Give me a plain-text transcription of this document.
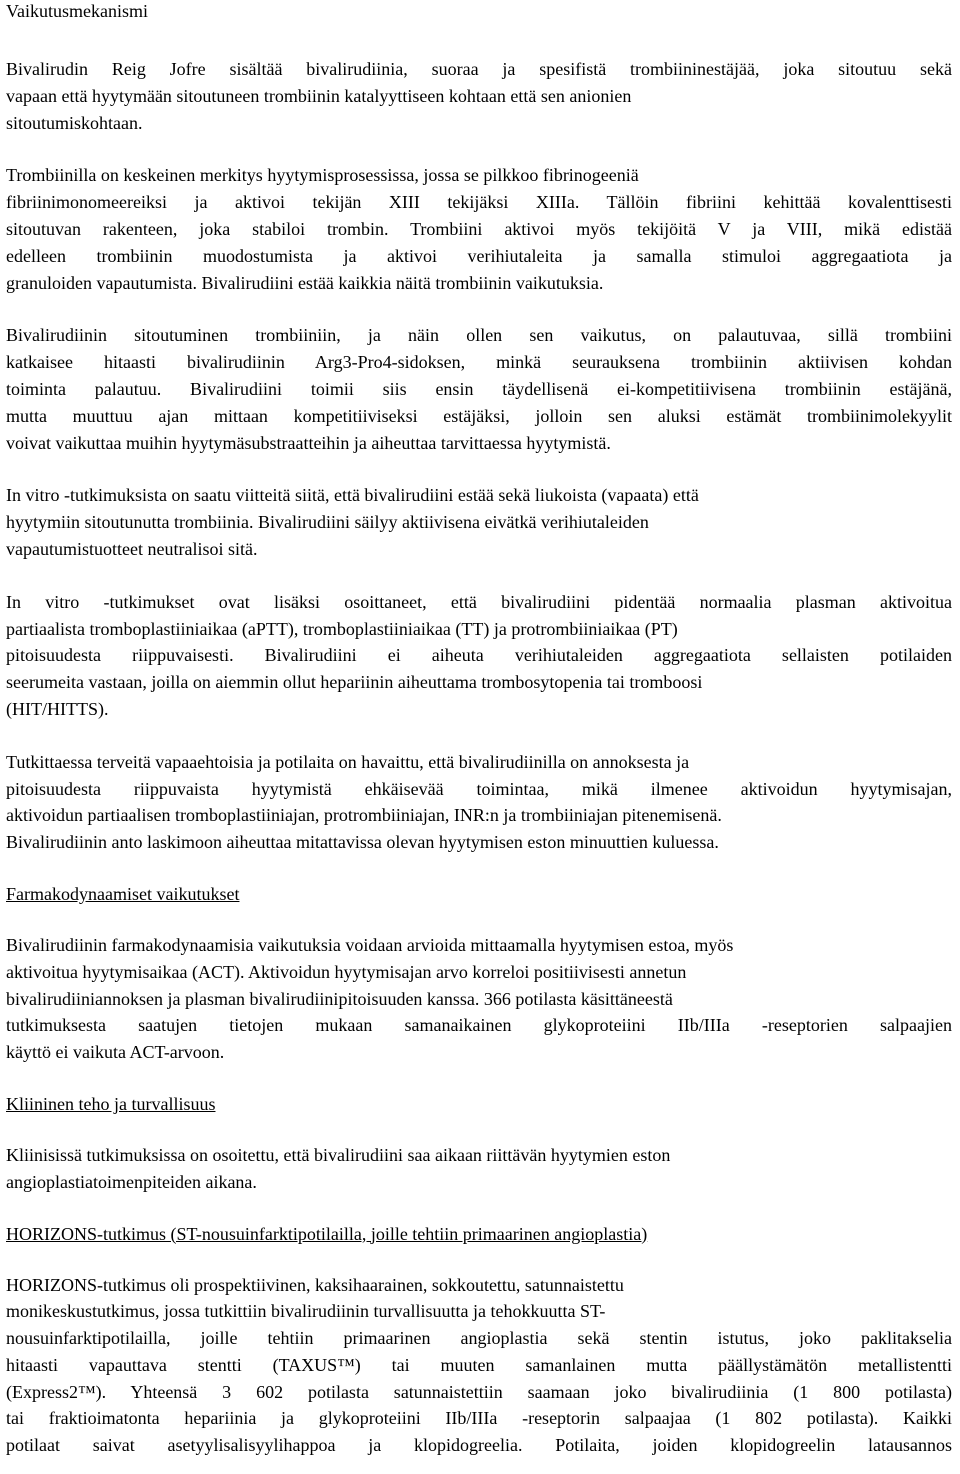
Vaikutusmekanismi

Bivalirudin Reig Jofre sisältää bivalirudiinia, suoraa ja spesifistä trombiininestäjää, joka sitoutuu sekä
vapaan että hyytymään sitoutuneen trombiinin katalyyttiseen kohtaan että sen anionien
sitoutumiskohtaan.

Trombiinilla on keskeinen merkitys hyytymisprosessissa, jossa se pilkkoo fibrinogeeniä
fibriinimonomeereiksi ja aktivoi tekijän XIII tekijäksi XIIIa. Tällöin fibriini kehittää kovalenttisesti
sitoutuvan rakenteen, joka stabiloi trombin. Trombiini aktivoi myös tekijöitä V ja VIII, mikä edistää
edelleen trombiinin muodostumista ja aktivoi verihiutaleita ja samalla stimuloi aggregaatiota ja
granuloiden vapautumista. Bivalirudiini estää kaikkia näitä trombiinin vaikutuksia.

Bivalirudiinin sitoutuminen trombiiniin, ja näin ollen sen vaikutus, on palautuvaa, sillä trombiini
katkaisee hitaasti bivalirudiinin Arg3-Pro4-sidoksen, minkä seurauksena trombiinin aktiivisen kohdan
toiminta palautuu. Bivalirudiini toimii siis ensin täydellisenä ei-kompetitiivisena trombiinin estäjänä,
mutta muuttuu ajan mittaan kompetitiiviseksi estäjäksi, jolloin sen aluksi estämät trombiinimolekyylit
voivat vaikuttaa muihin hyytymäsubstraatteihin ja aiheuttaa tarvittaessa hyytymistä.

In vitro -tutkimuksista on saatu viitteitä siitä, että bivalirudiini estää sekä liukoista (vapaata) että
hyytymiin sitoutunutta trombiinia. Bivalirudiini säilyy aktiivisena eivätkä verihiutaleiden
vapautumistuotteet neutralisoi sitä.

In vitro -tutkimukset ovat lisäksi osoittaneet, että bivalirudiini pidentää normaalia plasman aktivoitua
partiaalista tromboplastiiniaikaa (aPTT), tromboplastiiniaikaa (TT) ja protrombiiniaikaa (PT)
pitoisuudesta riippuvaisesti. Bivalirudiini ei aiheuta verihiutaleiden aggregaatiota sellaisten potilaiden
seerumeita vastaan, joilla on aiemmin ollut hepariinin aiheuttama trombosytopenia tai tromboosi
(HIT/HITTS).

Tutkittaessa terveitä vapaaehtoisia ja potilaita on havaittu, että bivalirudiinilla on annoksesta ja
pitoisuudesta riippuvaista hyytymistä ehkäisevää toimintaa, mikä ilmenee aktivoidun hyytymisajan,
aktivoidun partiaalisen tromboplastiiniajan, protrombiiniajan, INR:n ja trombiiniajan pitenemisenä.
Bivalirudiinin anto laskimoon aiheuttaa mitattavissa olevan hyytymisen eston minuuttien kuluessa.

Farmakodynaamiset vaikutukset

Bivalirudiinin farmakodynaamisia vaikutuksia voidaan arvioida mittaamalla hyytymisen estoa, myös
aktivoitua hyytymisaikaa (ACT). Aktivoidun hyytymisajan arvo korreloi positiivisesti annetun
bivalirudiiniannoksen ja plasman bivalirudiinipitoisuuden kanssa. 366 potilasta käsittäneestä
tutkimuksesta saatujen tietojen mukaan samanaikainen glykoproteiini IIb/IIIa -reseptorien salpaajien
käyttö ei vaikuta ACT-arvoon.

Kliininen teho ja turvallisuus

Kliinisissä tutkimuksissa on osoitettu, että bivalirudiini saa aikaan riittävän hyytymien eston
angioplastiatoimenpiteiden aikana.

HORIZONS-tutkimus (ST-nousuinfarktipotilailla, joille tehtiin primaarinen angioplastia)

HORIZONS-tutkimus oli prospektiivinen, kaksihaarainen, sokkoutettu, satunnaistettu
monikeskustutkimus, jossa tutkittiin bivalirudiinin turvallisuutta ja tehokkuutta ST-
nousuinfarktipotilailla, joille tehtiin primaarinen angioplastia sekä stentin istutus, joko paklitakselia
hitaasti vapauttava stentti (TAXUS™) tai muuten samanlainen mutta päällystämätön metallistentti
(Express2™). Yhteensä 3 602 potilasta satunnaistettiin saamaan joko bivalirudiinia (1 800 potilasta)
tai fraktioimatonta hepariinia ja glykoproteiini IIb/IIIa -reseptorin salpaajaa (1 802 potilasta). Kaikki
potilaat saivat asetyylisalisyylihappoa ja klopidogreelia. Potilaita, joiden klopidogreelin latausannos
